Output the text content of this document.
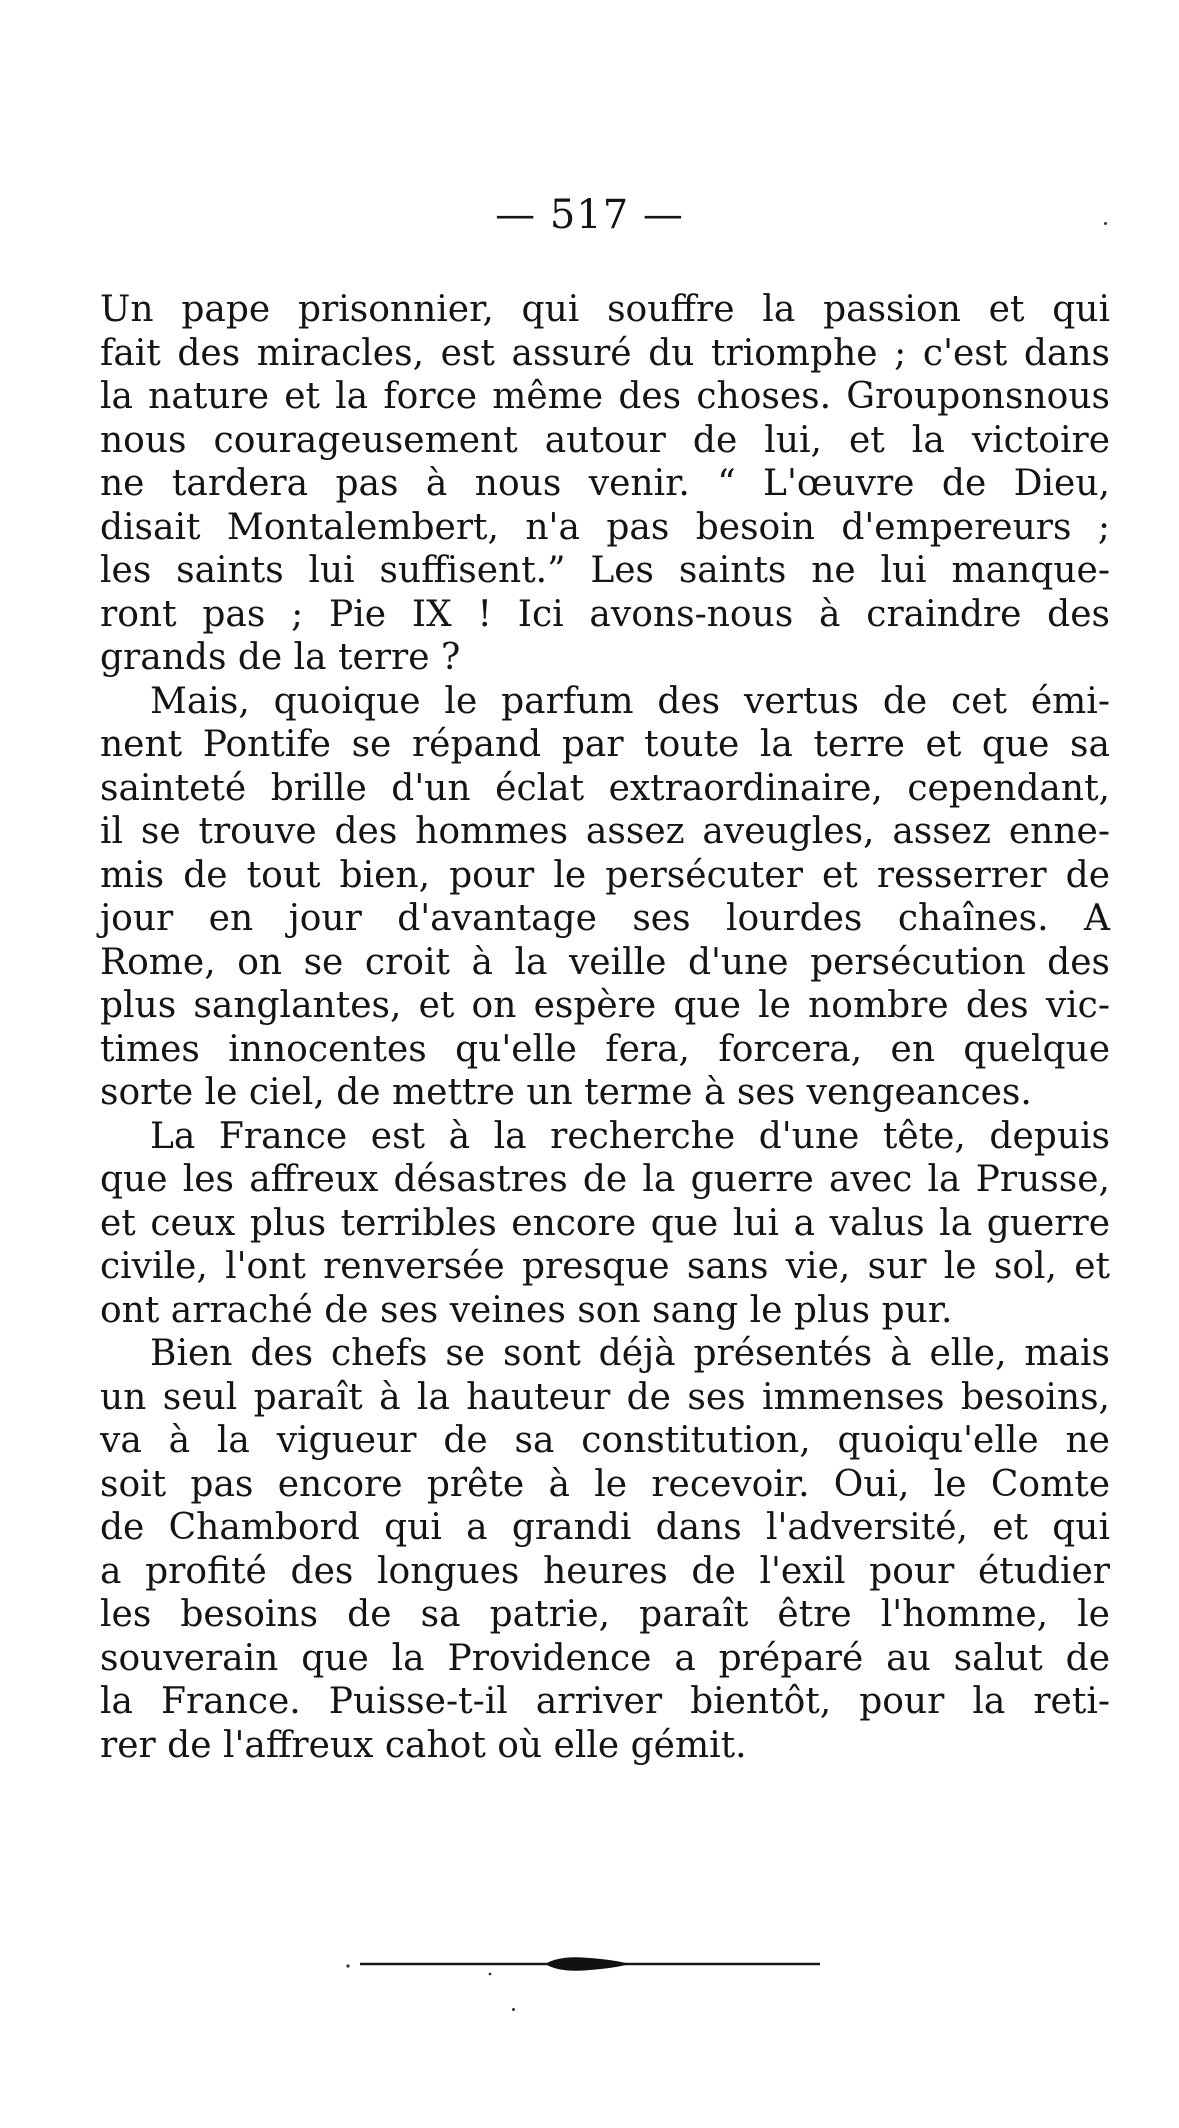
— 517 —
Un pape prisonnier, qui souffre la passion et qui
fait des miracles, est assuré du triomphe ; c'est dans
la nature et la force même des choses. Grouponsnous
nous courageusement autour de lui, et la victoire
ne tardera pas à nous venir. “ L'œuvre de Dieu,
disait Montalembert, n'a pas besoin d'empereurs ;
les saints lui suffisent.” Les saints ne lui manque-
ront pas ; Pie IX ! Ici avons-nous à craindre des
grands de la terre ?
Mais, quoique le parfum des vertus de cet émi-
nent Pontife se répand par toute la terre et que sa
sainteté brille d'un éclat extraordinaire, cependant,
il se trouve des hommes assez aveugles, assez enne-
mis de tout bien, pour le persécuter et resserrer de
jour en jour d'avantage ses lourdes chaînes. A
Rome, on se croit à la veille d'une persécution des
plus sanglantes, et on espère que le nombre des vic-
times innocentes qu'elle fera, forcera, en quelque
sorte le ciel, de mettre un terme à ses vengeances.
La France est à la recherche d'une tête, depuis
que les affreux désastres de la guerre avec la Prusse,
et ceux plus terribles encore que lui a valus la guerre
civile, l'ont renversée presque sans vie, sur le sol, et
ont arraché de ses veines son sang le plus pur.
Bien des chefs se sont déjà présentés à elle, mais
un seul paraît à la hauteur de ses immenses besoins,
va à la vigueur de sa constitution, quoiqu'elle ne
soit pas encore prête à le recevoir. Oui, le Comte
de Chambord qui a grandi dans l'adversité, et qui
a profité des longues heures de l'exil pour étudier
les besoins de sa patrie, paraît être l'homme, le
souverain que la Providence a préparé au salut de
la France. Puisse-t-il arriver bientôt, pour la reti-
rer de l'affreux cahot où elle gémit.
